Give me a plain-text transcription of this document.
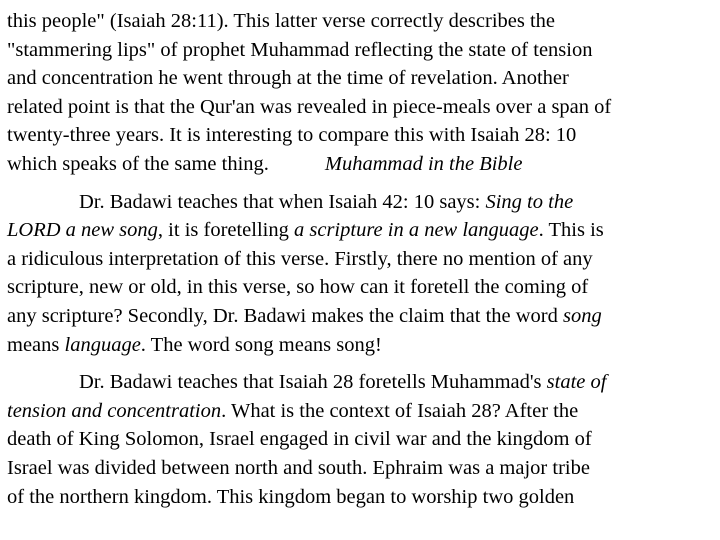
this people" (Isaiah 28:11). This latter verse correctly describes the
"stammering lips" of prophet Muhammad reflecting the state of tension
and concentration he went through at the time of revelation. Another
related point is that the Qur'an was revealed in piece-meals over a span of
twenty-three years. It is interesting to compare this with Isaiah 28: 10
which speaks of the same thing.	Muhammad in the Bible

Dr. Badawi teaches that when Isaiah 42: 10 says: Sing to the
LORD a new song, it is foretelling a scripture in a new language. This is
a ridiculous interpretation of this verse. Firstly, there no mention of any
scripture, new or old, in this verse, so how can it foretell the coming of
any scripture? Secondly, Dr. Badawi makes the claim that the word song
means language. The word song means song!

Dr. Badawi teaches that Isaiah 28 foretells Muhammad's state of
tension and concentration. What is the context of Isaiah 28? After the
death of King Solomon, Israel engaged in civil war and the kingdom of
Israel was divided between north and south. Ephraim was a major tribe
of the northern kingdom. This kingdom began to worship two golden
